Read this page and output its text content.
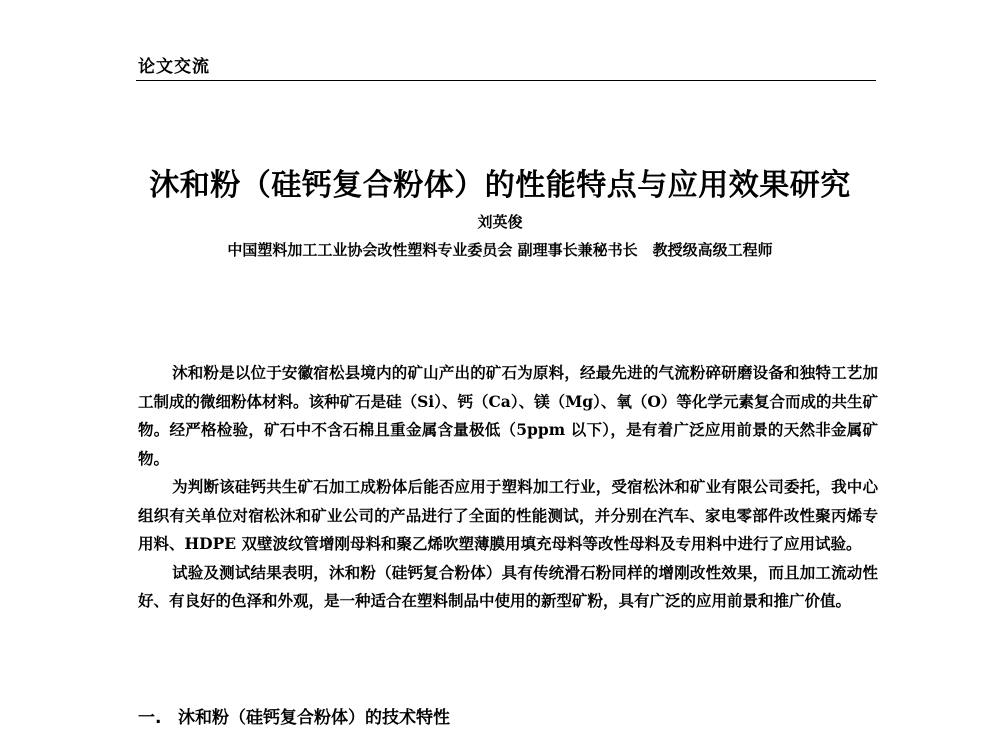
论文交流
沐和粉（硅钙复合粉体）的性能特点与应用效果研究
刘英俊
中国塑料加工工业协会改性塑料专业委员会 副理事长兼秘书长　教授级高级工程师

沐和粉是以位于安徽宿松县境内的矿山产出的矿石为原料，经最先进的气流粉碎研磨设备和独特工艺加工制成的微细粉体材料。该种矿石是硅（Si）、钙（Ca）、镁（Mg）、氧（O）等化学元素复合而成的共生矿物。经严格检验，矿石中不含石棉且重金属含量极低（5ppm 以下），是有着广泛应用前景的天然非金属矿物。

为判断该硅钙共生矿石加工成粉体后能否应用于塑料加工行业，受宿松沐和矿业有限公司委托，我中心组织有关单位对宿松沐和矿业公司的产品进行了全面的性能测试，并分别在汽车、家电零部件改性聚丙烯专用料、HDPE 双壁波纹管增刚母料和聚乙烯吹塑薄膜用填充母料等改性母料及专用料中进行了应用试验。

试验及测试结果表明，沐和粉（硅钙复合粉体）具有传统滑石粉同样的增刚改性效果，而且加工流动性好、有良好的色泽和外观，是一种适合在塑料制品中使用的新型矿粉，具有广泛的应用前景和推广价值。

一. 沐和粉（硅钙复合粉体）的技术特性
